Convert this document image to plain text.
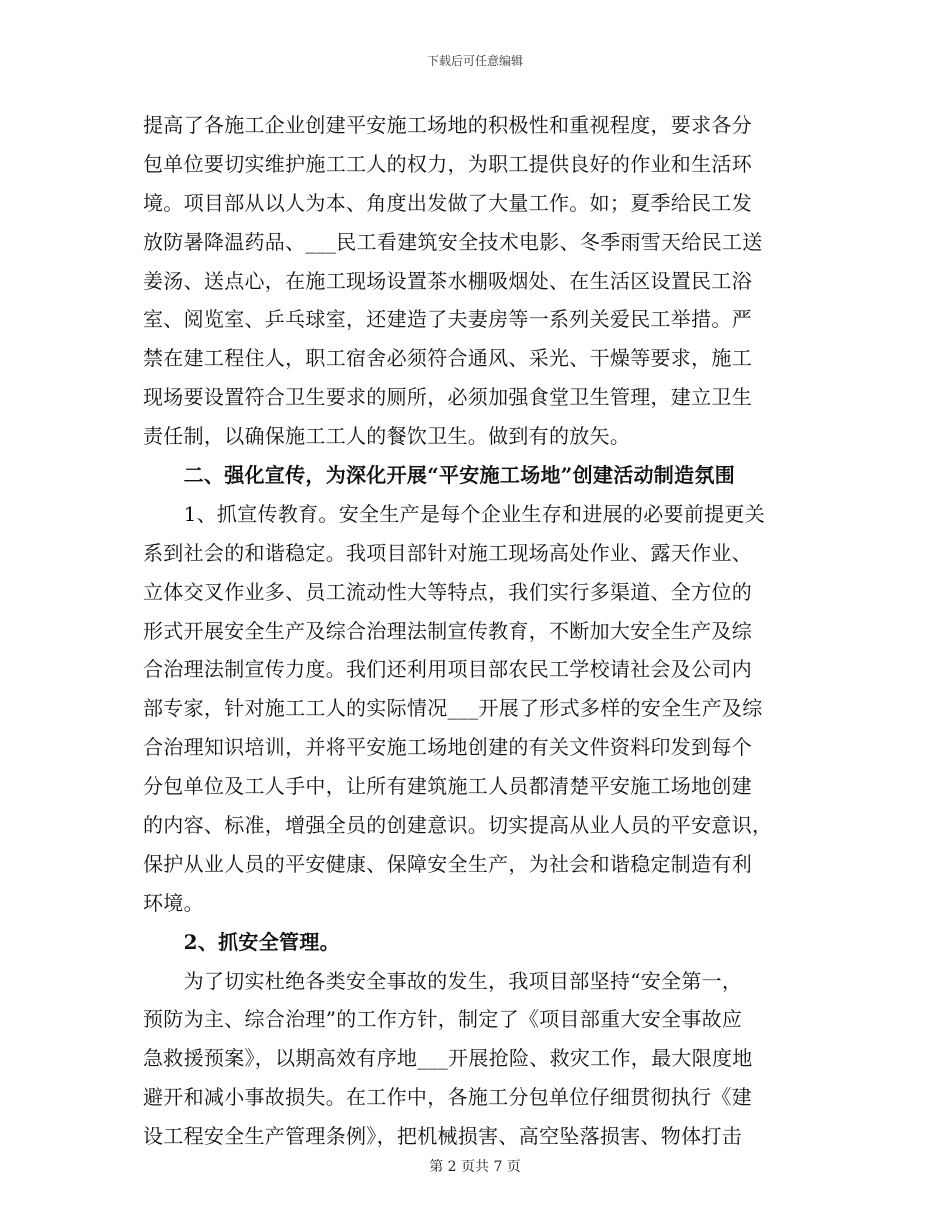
下载后可任意编辑
提高了各施工企业创建平安施工场地的积极性和重视程度，要求各分
包单位要切实维护施工工人的权力，为职工提供良好的作业和生活环
境。项目部从以人为本、角度出发做了大量工作。如；夏季给民工发
放防暑降温药品、___民工看建筑安全技术电影、冬季雨雪天给民工送
姜汤、送点心，在施工现场设置茶水棚吸烟处、在生活区设置民工浴
室、阅览室、乒乓球室，还建造了夫妻房等一系列关爱民工举措。严
禁在建工程住人，职工宿舍必须符合通风、采光、干燥等要求，施工
现场要设置符合卫生要求的厕所，必须加强食堂卫生管理，建立卫生
责任制，以确保施工工人的餐饮卫生。做到有的放矢。
　　二、强化宣传，为深化开展“平安施工场地”创建活动制造氛围
　　1、抓宣传教育。安全生产是每个企业生存和进展的必要前提更关
系到社会的和谐稳定。我项目部针对施工现场高处作业、露天作业、
立体交叉作业多、员工流动性大等特点，我们实行多渠道、全方位的
形式开展安全生产及综合治理法制宣传教育，不断加大安全生产及综
合治理法制宣传力度。我们还利用项目部农民工学校请社会及公司内
部专家，针对施工工人的实际情况___开展了形式多样的安全生产及综
合治理知识培训，并将平安施工场地创建的有关文件资料印发到每个
分包单位及工人手中，让所有建筑施工人员都清楚平安施工场地创建
的内容、标准，增强全员的创建意识。切实提高从业人员的平安意识，
保护从业人员的平安健康、保障安全生产，为社会和谐稳定制造有利
环境。
　　2、抓安全管理。
　　为了切实杜绝各类安全事故的发生，我项目部坚持“安全第一，
预防为主、综合治理”的工作方针，制定了《项目部重大安全事故应
急救援预案》，以期高效有序地___开展抢险、救灾工作，最大限度地
避开和减小事故损失。在工作中，各施工分包单位仔细贯彻执行《建
设工程安全生产管理条例》，把机械损害、高空坠落损害、物体打击
第 2 页共 7 页
